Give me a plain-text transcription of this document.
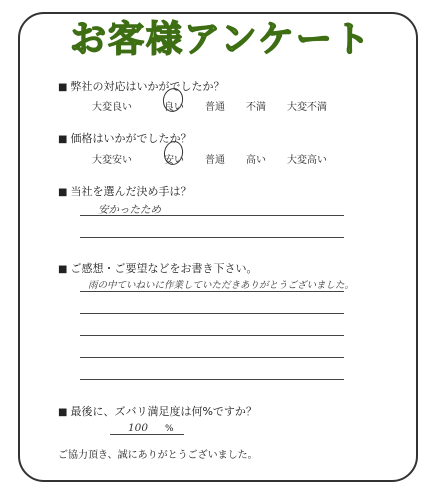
お客様アンケート
■ 弊社の対応はいかがでしたか？
大変良い	良い 普通 不満 大変不満
■ 価格はいかがでしたか？
大変安い	安い 普通 高い 大変高い
■ 当社を選んだ決め手は？
安かったため
■ ご感想・ご要望などをお書き下さい。
雨の中ていねいに作業していただきありがとうございました。
■ 最後に、ズバリ満足度は何%ですか？
100 %
ご協力頂き、誠にありがとうございました。
